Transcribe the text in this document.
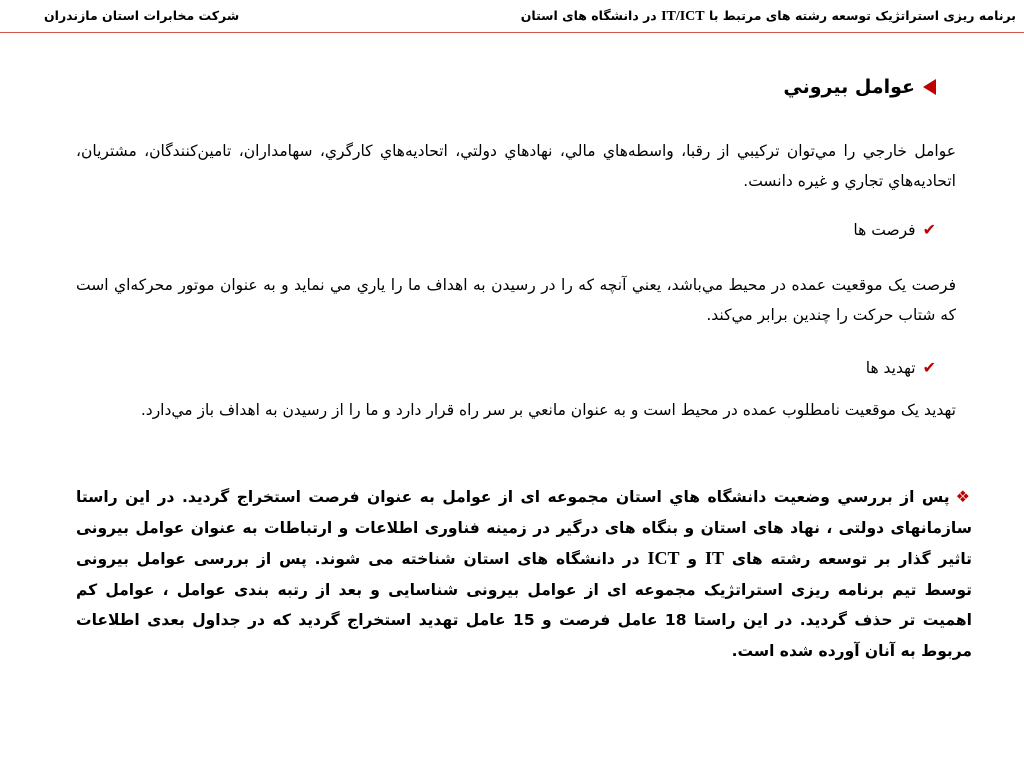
برنامه ریزی استراتژیک توسعه رشته های مرتبط با IT/ICT در دانشگاه های استان
شرکت مخابرات استان مازندران
عوامل بيروني
عوامل خارجي را مي‌توان تركيبي از رقبا، واسطه‌هاي مالي، نهادهاي دولتي، اتحاديه‌هاي كارگري، سهامداران، تامين‌كنندگان، مشتريان، اتحاديه‌هاي تجاري و غيره دانست.
✔فرصت ها
فرصت يک موقعيت عمده در محيط مي‌باشد، يعني آنچه که را در رسيدن به اهداف ما را ياري مي نمايد و به عنوان موتور محرکه‌اي است که شتاب حرکت را چندين برابر مي‌کند.
✔تهديد ها
تهديد يک موقعيت نامطلوب عمده در محيط است و به عنوان مانعي بر سر راه قرار دارد و ما را از رسيدن به اهداف باز مي‌دارد.
❖پس از بررسي وضعيت دانشگاه هاي استان مجموعه ای از عوامل به عنوان فرصت استخراج گردید. در این راستا سازمانهای دولتی ، نهاد های استان و بنگاه های درگیر در زمینه فناوری اطلاعات و ارتباطات به عنوان عوامل بیرونی تاثیر گذار بر توسعه رشته های IT و ICT در دانشگاه های استان شناخته می شوند. پس از بررسی عوامل بیرونی توسط تیم برنامه ریزی استراتژیک مجموعه ای از عوامل بیرونی شناسایی و بعد از رتبه بندی عوامل ، عوامل کم اهمیت تر حذف گردید. در این راستا 18 عامل فرصت و 15 عامل تهدید استخراج گردید که در جداول بعدی اطلاعات مربوط به آنان آورده شده است.
